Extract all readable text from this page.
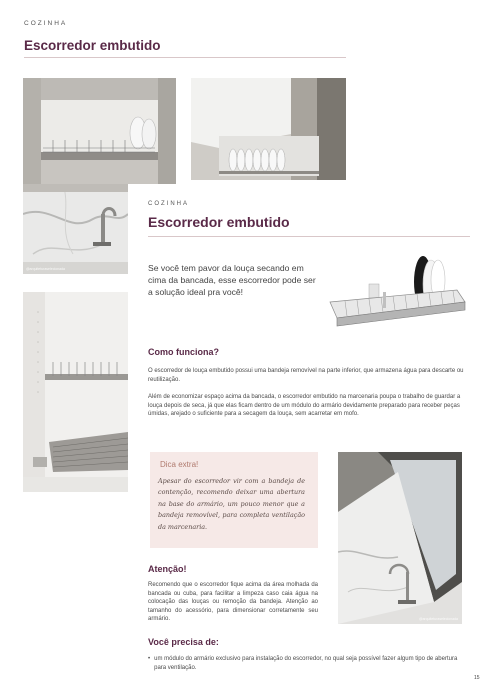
COZINHA
Escorredor embutido
@arquiteturaselecionada
COZINHA
Escorredor embutido
Se você tem pavor da louça secando em cima da bancada, esse escorredor pode ser a solução ideal pra você!
Como funciona?
O escorredor de louça embutido possui uma bandeja removível na parte inferior, que armazena água para descarte ou reutilização.
Além de economizar espaço acima da bancada, o escorredor embutido na marcenaria poupa o trabalho de guardar a louça depois de seca, já que elas ficam dentro de um módulo do armário devidamente preparado para receber peças úmidas, arejado o suficiente para a secagem da louça, sem acarretar em mofo.
Dica extra!
Apesar do escorredor vir com a bandeja de contenção, recomendo deixar uma abertura na base do armário, um pouco menor que a bandeja removível, para completa ventilação da marcenaria.
@arquiteturaselecionada
Atenção!
Recomendo que o escorredor fique acima da área molhada da bancada ou cuba, para facilitar a limpeza caso caia água na colocação das louças ou remoção da bandeja. Atenção ao tamanho do acessório, para dimensionar corretamente seu armário.
Você precisa de:
• um módulo do armário exclusivo para instalação do escorredor, no qual seja possível fazer algum tipo de abertura para ventilação.
15
